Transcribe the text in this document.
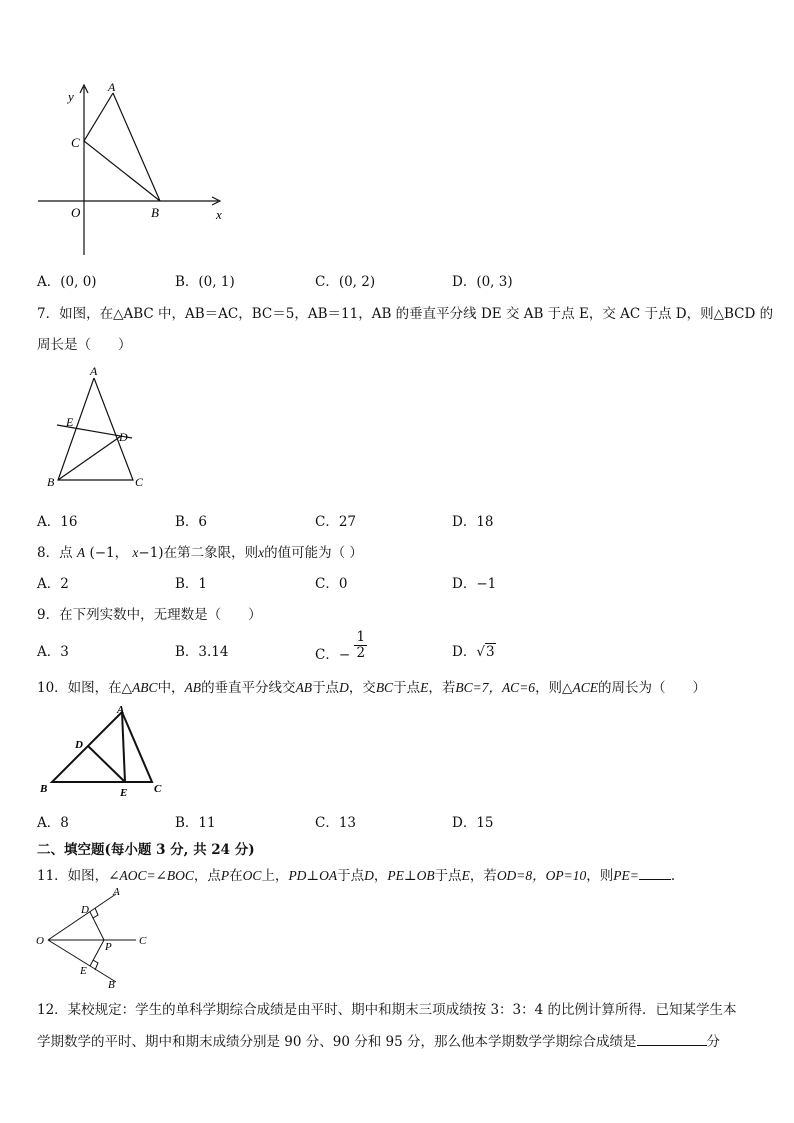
y
A
C
O	B	x
A．(0, 0)	B．(0, 1)	C．(0, 2)	D．(0, 3)
7．如图，在△ABC 中，AB＝AC，BC＝5，AB＝11，AB 的垂直平分线 DE 交 AB 于点 E，交 AC 于点 D，则△BCD 的
周长是（　　）
A
E
D
B	C
A．16	B．6	C．27	D．18
8．点 A (−1， x−1)在第二象限，则x的值可能为（ ）
A．2	B．1	C．0	D．−1
9．在下列实数中，无理数是（　　）
A．3	B．3.14	C．− $\frac{1}{2}$	D．√3
10．如图，在△ABC中，AB的垂直平分线交AB于点D，交BC于点E，若BC=7，AC=6，则△ACE的周长为（　　）
A
D
B	E C
A．8	B．11	C．13	D．15
二、填空题(每小题 3 分, 共 24 分)
11．如图，∠AOC=∠BOC，点P在OC上，PD⊥OA于点D，PE⊥OB于点E，若OD=8，OP=10，则PE= .
A
D
O	P C
E
B
12．某校规定：学生的单科学期综合成绩是由平时、期中和期末三项成绩按 3：3：4 的比例计算所得．已知某学生本
学期数学的平时、期中和期末成绩分别是 90 分、90 分和 95 分，那么他本学期数学学期综合成绩是	分
